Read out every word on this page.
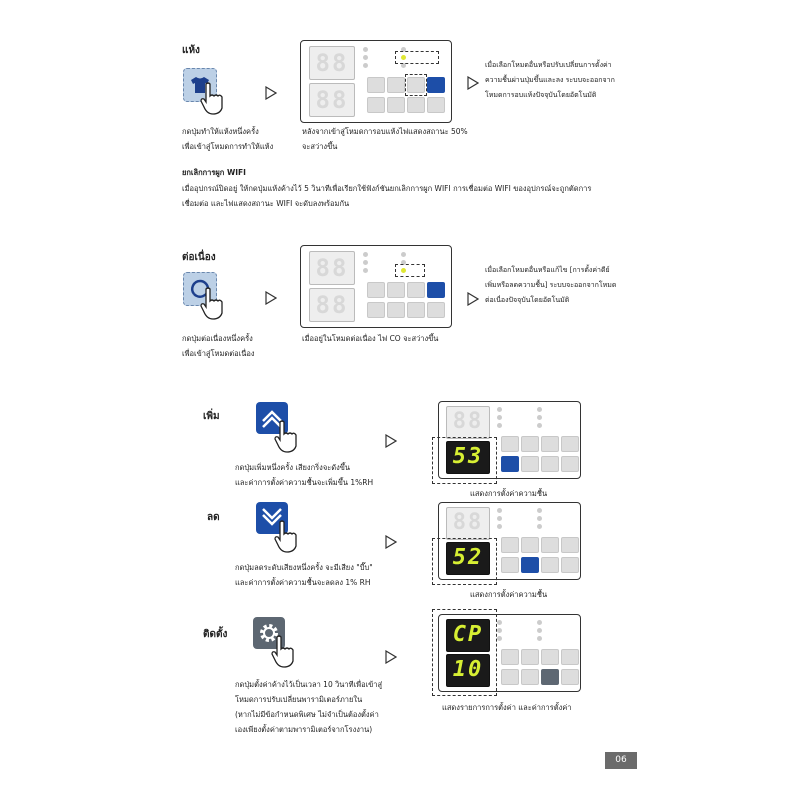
แห้ง
กดปุ่มทำให้แห้งหนึ่งครั้ง
เพื่อเข้าสู่โหมดการทำให้แห้ง
88
88
หลังจากเข้าสู่โหมดการอบแห้งไฟแสดงสถานะ 50%
จะสว่างขึ้น
เมื่อเลือกโหมดอื่นหรือปรับเปลี่ยนการตั้งค่า
ความชื้นผ่านปุ่มขึ้นและลง ระบบจะออกจาก
โหมดการอบแห้งปัจจุบันโดยอัตโนมัติ
ยกเลิกการผูก WIFI
เมื่ออุปกรณ์ปิดอยู่ ให้กดปุ่มแห้งค้างไว้ 5 วินาทีเพื่อเรียกใช้ฟังก์ชันยกเลิกการผูก WIFI การเชื่อมต่อ WIFI ของอุปกรณ์จะถูกตัดการ
เชื่อมต่อ และไฟแสดงสถานะ WIFI จะดับลงพร้อมกัน
ต่อเนื่อง
กดปุ่มต่อเนื่องหนึ่งครั้ง
เพื่อเข้าสู่โหมดต่อเนื่อง
88
88
เมื่ออยู่ในโหมดต่อเนื่อง ไฟ CO จะสว่างขึ้น
เมื่อเลือกโหมดอื่นหรือแก้ไข [การตั้งค่าดีย์
เพิ่มหรือลดความชื้น] ระบบจะออกจากโหมด
ต่อเนื่องปัจจุบันโดยอัตโนมัติ
เพิ่ม
กดปุ่มเพิ่มหนึ่งครั้ง เสียงกริ่งจะดังขึ้น
และค่าการตั้งค่าความชื้นจะเพิ่มขึ้น 1%RH
88
53
แสดงการตั้งค่าความชื้น
ลด
กดปุ่มลดระดับเสียงหนึ่งครั้ง จะมีเสียง "บี๊บ"
และค่าการตั้งค่าความชื้นจะลดลง 1% RH
88
52
แสดงการตั้งค่าความชื้น
ติดตั้ง
กดปุ่มตั้งค่าค้างไว้เป็นเวลา 10 วินาทีเพื่อเข้าสู่
โหมดการปรับเปลี่ยนพารามิเตอร์ภายใน
(หากไม่มีข้อกำหนดพิเศษ ไม่จำเป็นต้องตั้งค่า
เองเพียงตั้งค่าตามพารามิเตอร์จากโรงงาน)
CP
10
แสดงรายการการตั้งค่า และค่าการตั้งค่า
06
